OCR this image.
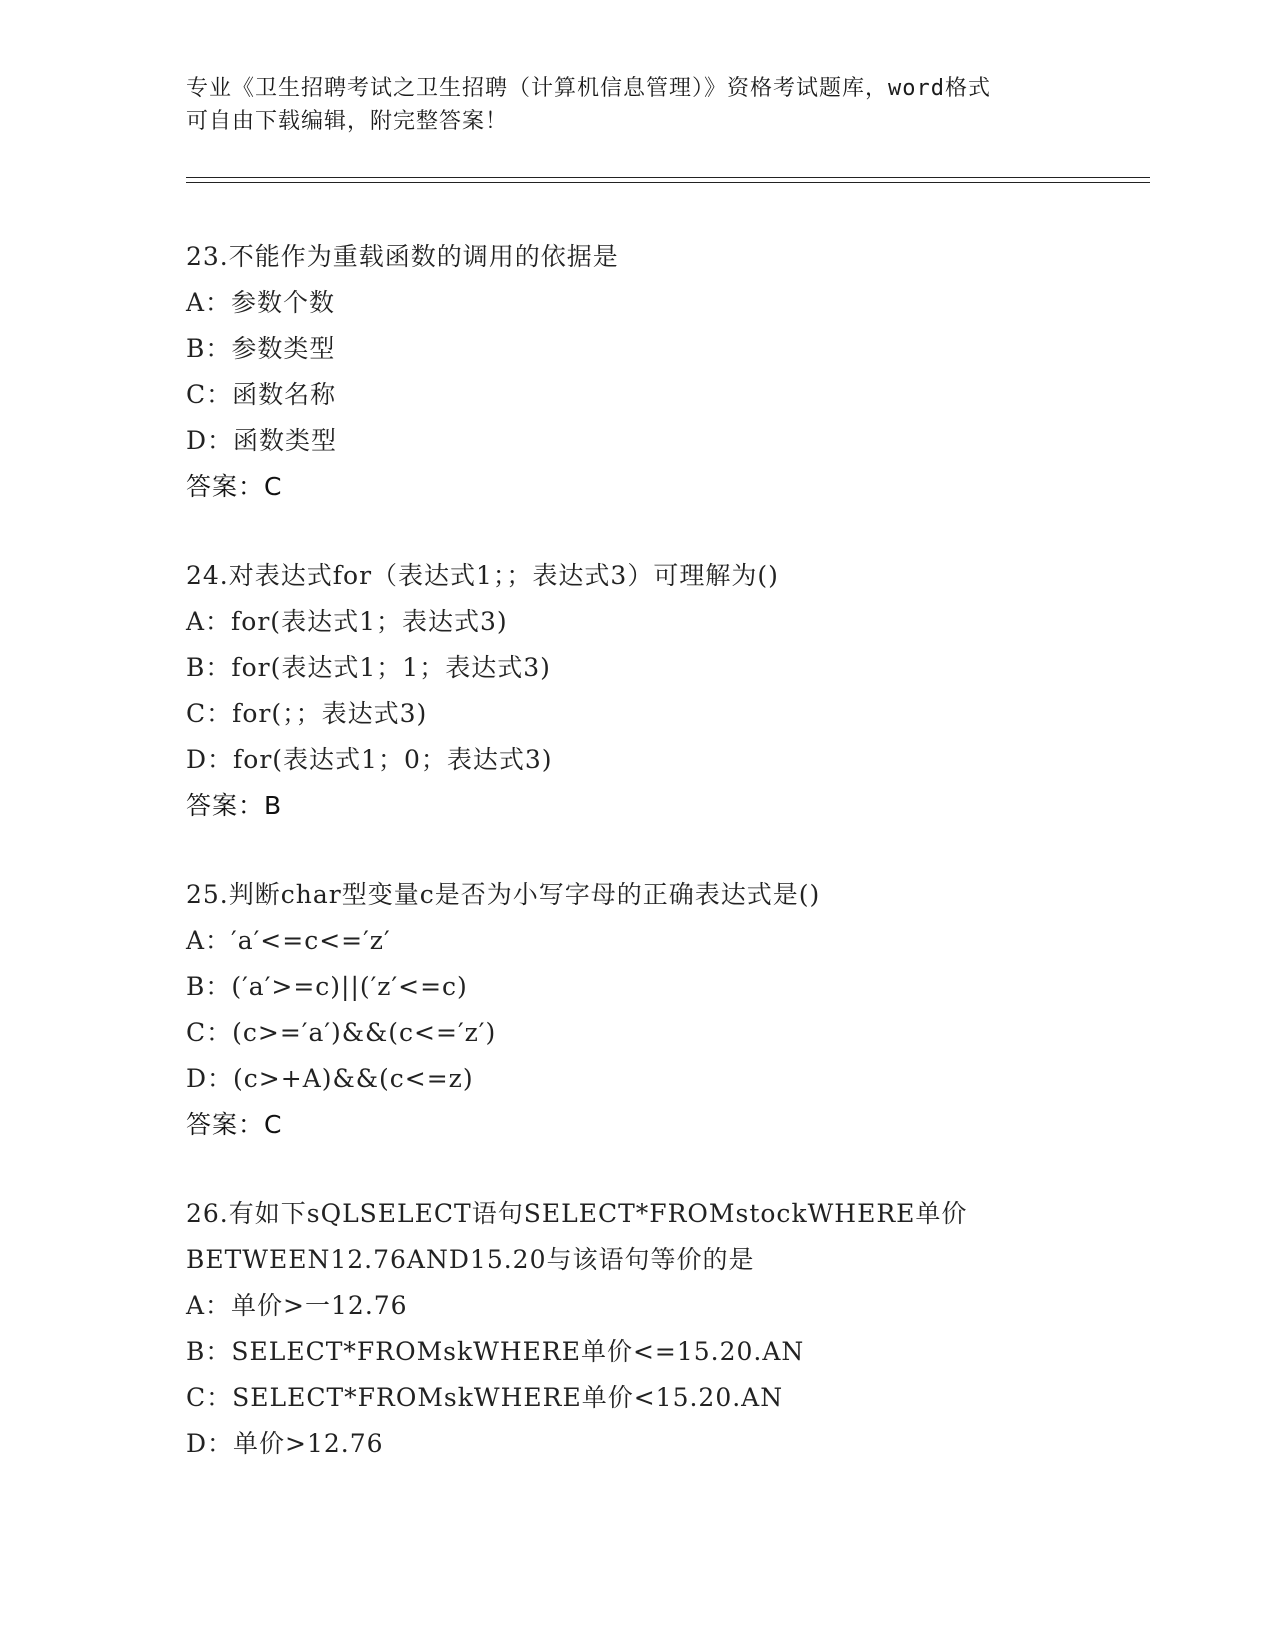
专业《卫生招聘考试之卫生招聘（计算机信息管理）》资格考试题库，word格式
可自由下载编辑，附完整答案！
23.不能作为重载函数的调用的依据是
A：参数个数
B：参数类型
C：函数名称
D：函数类型
答案：C
24.对表达式for（表达式1；；表达式3）可理解为()
A：for(表达式1；表达式3)
B：for(表达式1；1；表达式3)
C：for(；；表达式3)
D：for(表达式1；0；表达式3)
答案：B
25.判断char型变量c是否为小写字母的正确表达式是()
A：′a′<=c<=′z′
B：(′a′>=c)||(′z′<=c)
C：(c>=′a′)&&(c<=′z′)
D：(c>+A)&&(c<=z)
答案：C
26.有如下sQLSELECT语句SELECT*FROMstockWHERE单价
BETWEEN12.76AND15.20与该语句等价的是
A：单价>一12.76
B：SELECT*FROMskWHERE单价<=15.20.AN
C：SELECT*FROMskWHERE单价<15.20.AN
D：单价>12.76
